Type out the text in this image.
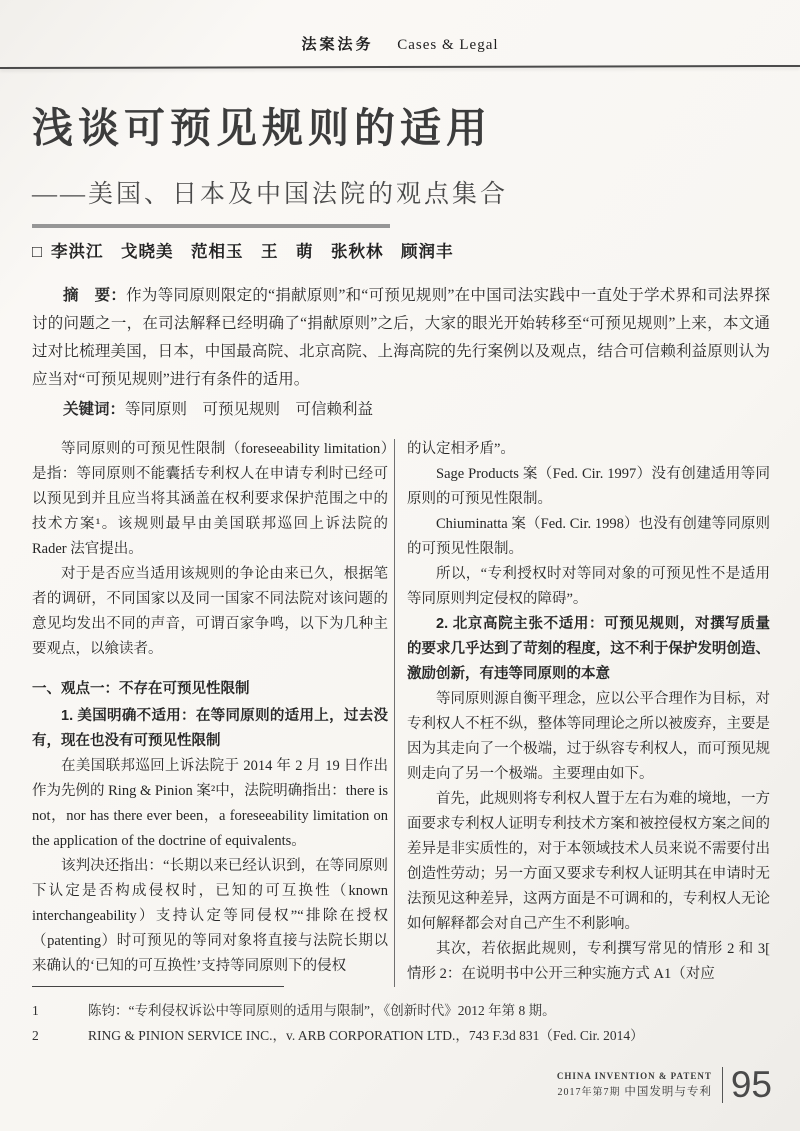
法案法务 Cases & Legal
浅谈可预见规则的适用
——美国、日本及中国法院的观点集合
□ 李洪江　戈晓美　范相玉　王　萌　张秋林　顾润丰

摘　要：作为等同原则限定的“捐献原则”和“可预见规则”在中国司法实践中一直处于学术界和司法界探讨的问题之一，在司法解释已经明确了“捐献原则”之后，大家的眼光开始转移至“可预见规则”上来，本文通过对比梳理美国，日本，中国最高院、北京高院、上海高院的先行案例以及观点，结合可信赖利益原则认为应当对“可预见规则”进行有条件的适用。

关键词：等同原则　可预见规则　可信赖利益

等同原则的可预见性限制（foreseeability limitation）是指：等同原则不能囊括专利权人在申请专利时已经可以预见到并且应当将其涵盖在权利要求保护范围之中的技术方案¹。该规则最早由美国联邦巡回上诉法院的 Rader 法官提出。

对于是否应当适用该规则的争论由来已久，根据笔者的调研，不同国家以及同一国家不同法院对该问题的意见均发出不同的声音，可谓百家争鸣，以下为几种主要观点，以飨读者。

一、观点一：不存在可预见性限制

1. 美国明确不适用：在等同原则的适用上，过去没有，现在也没有可预见性限制

在美国联邦巡回上诉法院于 2014 年 2 月 19 日作出作为先例的 Ring & Pinion 案²中，法院明确指出：there is not，nor has there ever been，a foreseeability limitation on the application of the doctrine of equivalents。

该判决还指出：“长期以来已经认识到，在等同原则下认定是否构成侵权时，已知的可互换性（known interchangeability）支持认定等同侵权”“排除在授权（patenting）时可预见的等同对象将直接与法院长期以来确认的‘已知的可互换性’支持等同原则下的侵权

的认定相矛盾”。

Sage Products 案（Fed. Cir. 1997）没有创建适用等同原则的可预见性限制。

Chiuminatta 案（Fed. Cir. 1998）也没有创建等同原则的可预见性限制。

所以，“专利授权时对等同对象的可预见性不是适用等同原则判定侵权的障碍”。

2. 北京高院主张不适用：可预见规则，对撰写质量的要求几乎达到了苛刻的程度，这不利于保护发明创造、激励创新，有违等同原则的本意

等同原则源自衡平理念，应以公平合理作为目标，对专利权人不枉不纵，整体等同理论之所以被废弃，主要是因为其走向了一个极端，过于纵容专利权人，而可预见规则走向了另一个极端。主要理由如下。

首先，此规则将专利权人置于左右为难的境地，一方面要求专利权人证明专利技术方案和被控侵权方案之间的差异是非实质性的，对于本领域技术人员来说不需要付出创造性劳动；另一方面又要求专利权人证明其在申请时无法预见这种差异，这两方面是不可调和的，专利权人无论如何解释都会对自己产生不利影响。

其次，若依据此规则，专利撰写常见的情形 2 和 3[ 情形 2：在说明书中公开三种实施方式 A1（对应

1	陈钧：“专利侵权诉讼中等同原则的适用与限制”，《创新时代》2012 年第 8 期。
2	RING & PINION SERVICE INC.，v. ARB CORPORATION LTD.，743 F.3d 831（Fed. Cir. 2014）
CHINA INVENTION & PATENT
2017年第7期 中国发明与专利 95
